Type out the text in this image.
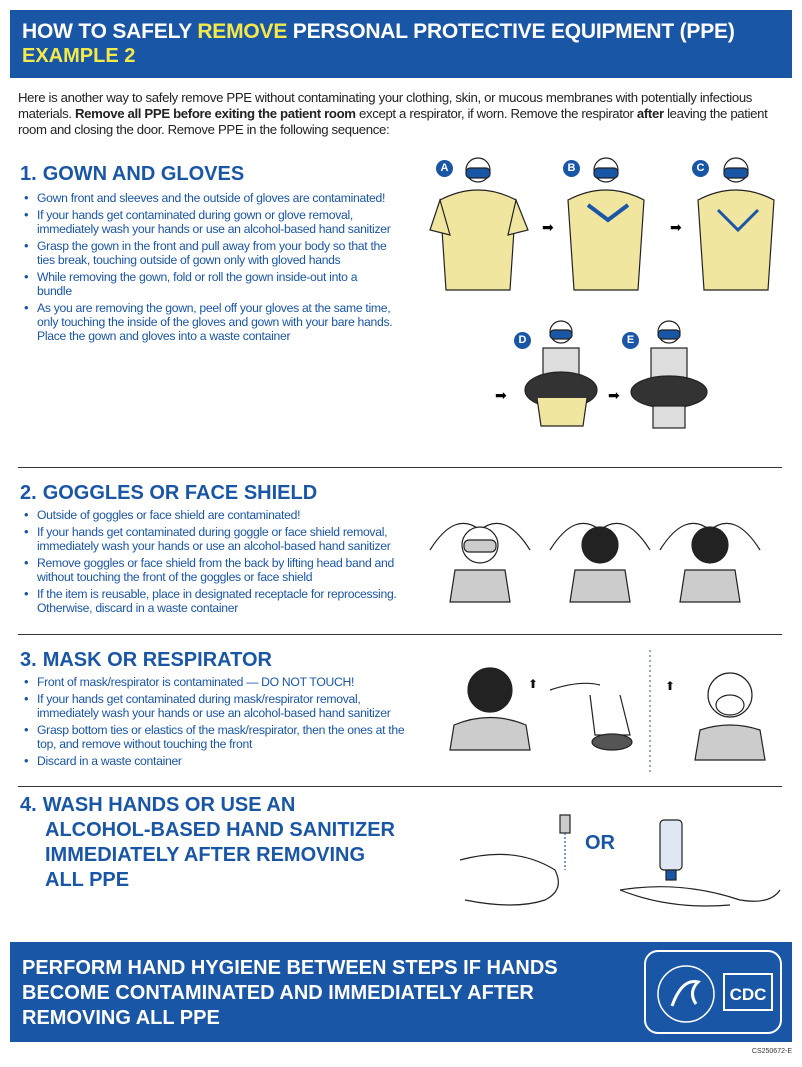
HOW TO SAFELY REMOVE PERSONAL PROTECTIVE EQUIPMENT (PPE)
EXAMPLE 2

Here is another way to safely remove PPE without contaminating your clothing, skin, or mucous membranes with potentially infectious materials. Remove all PPE before exiting the patient room except a respirator, if worn. Remove the respirator after leaving the patient room and closing the door. Remove PPE in the following sequence:

1. GOWN AND GLOVES
• Gown front and sleeves and the outside of gloves are contaminated!
• If your hands get contaminated during gown or glove removal, immediately wash your hands or use an alcohol-based hand sanitizer
• Grasp the gown in the front and pull away from your body so that the ties break, touching outside of gown only with gloved hands
• While removing the gown, fold or roll the gown inside-out into a bundle
• As you are removing the gown, peel off your gloves at the same time, only touching the inside of the gloves and gown with your bare hands. Place the gown and gloves into a waste container
A	B	C
D	E
➡	➡
➡	➡
2. GOGGLES OR FACE SHIELD
• Outside of goggles or face shield are contaminated!
• If your hands get contaminated during goggle or face shield removal, immediately wash your hands or use an alcohol-based hand sanitizer
• Remove goggles or face shield from the back by lifting head band and without touching the front of the goggles or face shield
• If the item is reusable, place in designated receptacle for reprocessing. Otherwise, discard in a waste container
3. MASK OR RESPIRATOR
• Front of mask/respirator is contaminated — DO NOT TOUCH!
• If your hands get contaminated during mask/respirator removal, immediately wash your hands or use an alcohol-based hand sanitizer
• Grasp bottom ties or elastics of the mask/respirator, then the ones at the top, and remove without touching the front
• Discard in a waste container
⬆	⬆
4. WASH HANDS OR USE AN
ALCOHOL-BASED HAND SANITIZER
IMMEDIATELY AFTER REMOVING
ALL PPE
OR

PERFORM HAND HYGIENE BETWEEN STEPS IF HANDS BECOME CONTAMINATED AND IMMEDIATELY AFTER REMOVING ALL PPE

CDC
CS250672-E
